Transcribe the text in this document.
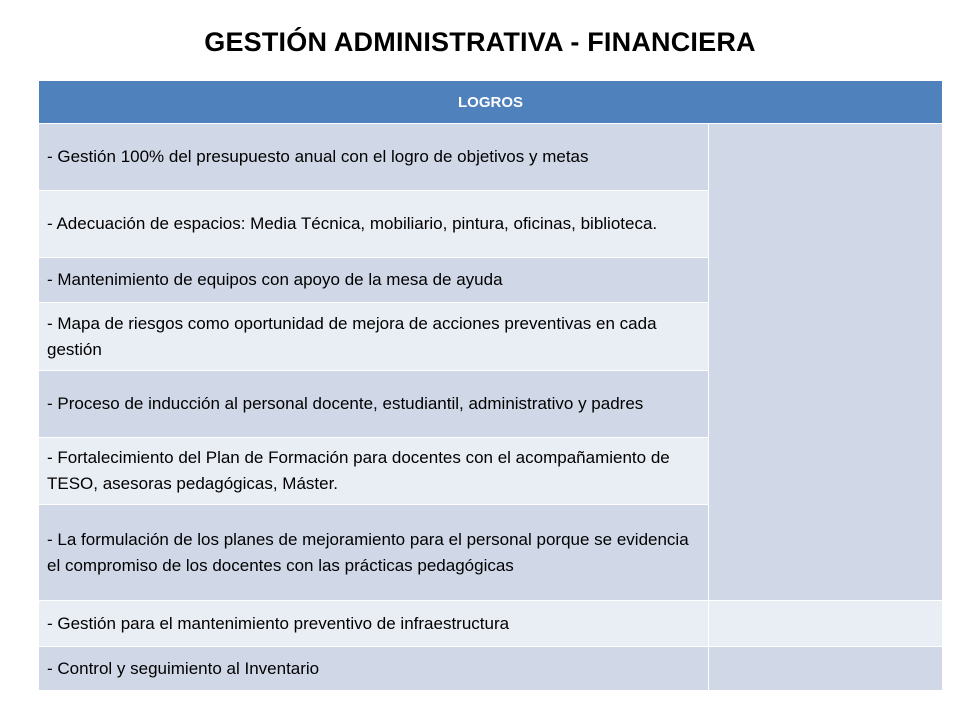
GESTIÓN ADMINISTRATIVA - FINANCIERA
LOGROS	
- Gestión 100% del presupuesto anual con el logro de objetivos y metas	
- Adecuación de espacios: Media Técnica, mobiliario, pintura, oficinas, biblioteca.	
- Mantenimiento de equipos con apoyo de la mesa de ayuda	
- Mapa de riesgos como oportunidad de mejora de acciones preventivas en cada gestión	
- Proceso de inducción al personal docente, estudiantil, administrativo y padres	
- Fortalecimiento del Plan de Formación para docentes con el acompañamiento de TESO, asesoras pedagógicas, Máster.	
- La formulación de los planes de mejoramiento para el personal porque se evidencia el compromiso de los docentes con las prácticas pedagógicas	
- Gestión para el mantenimiento preventivo de infraestructura	
- Control y seguimiento al Inventario	
